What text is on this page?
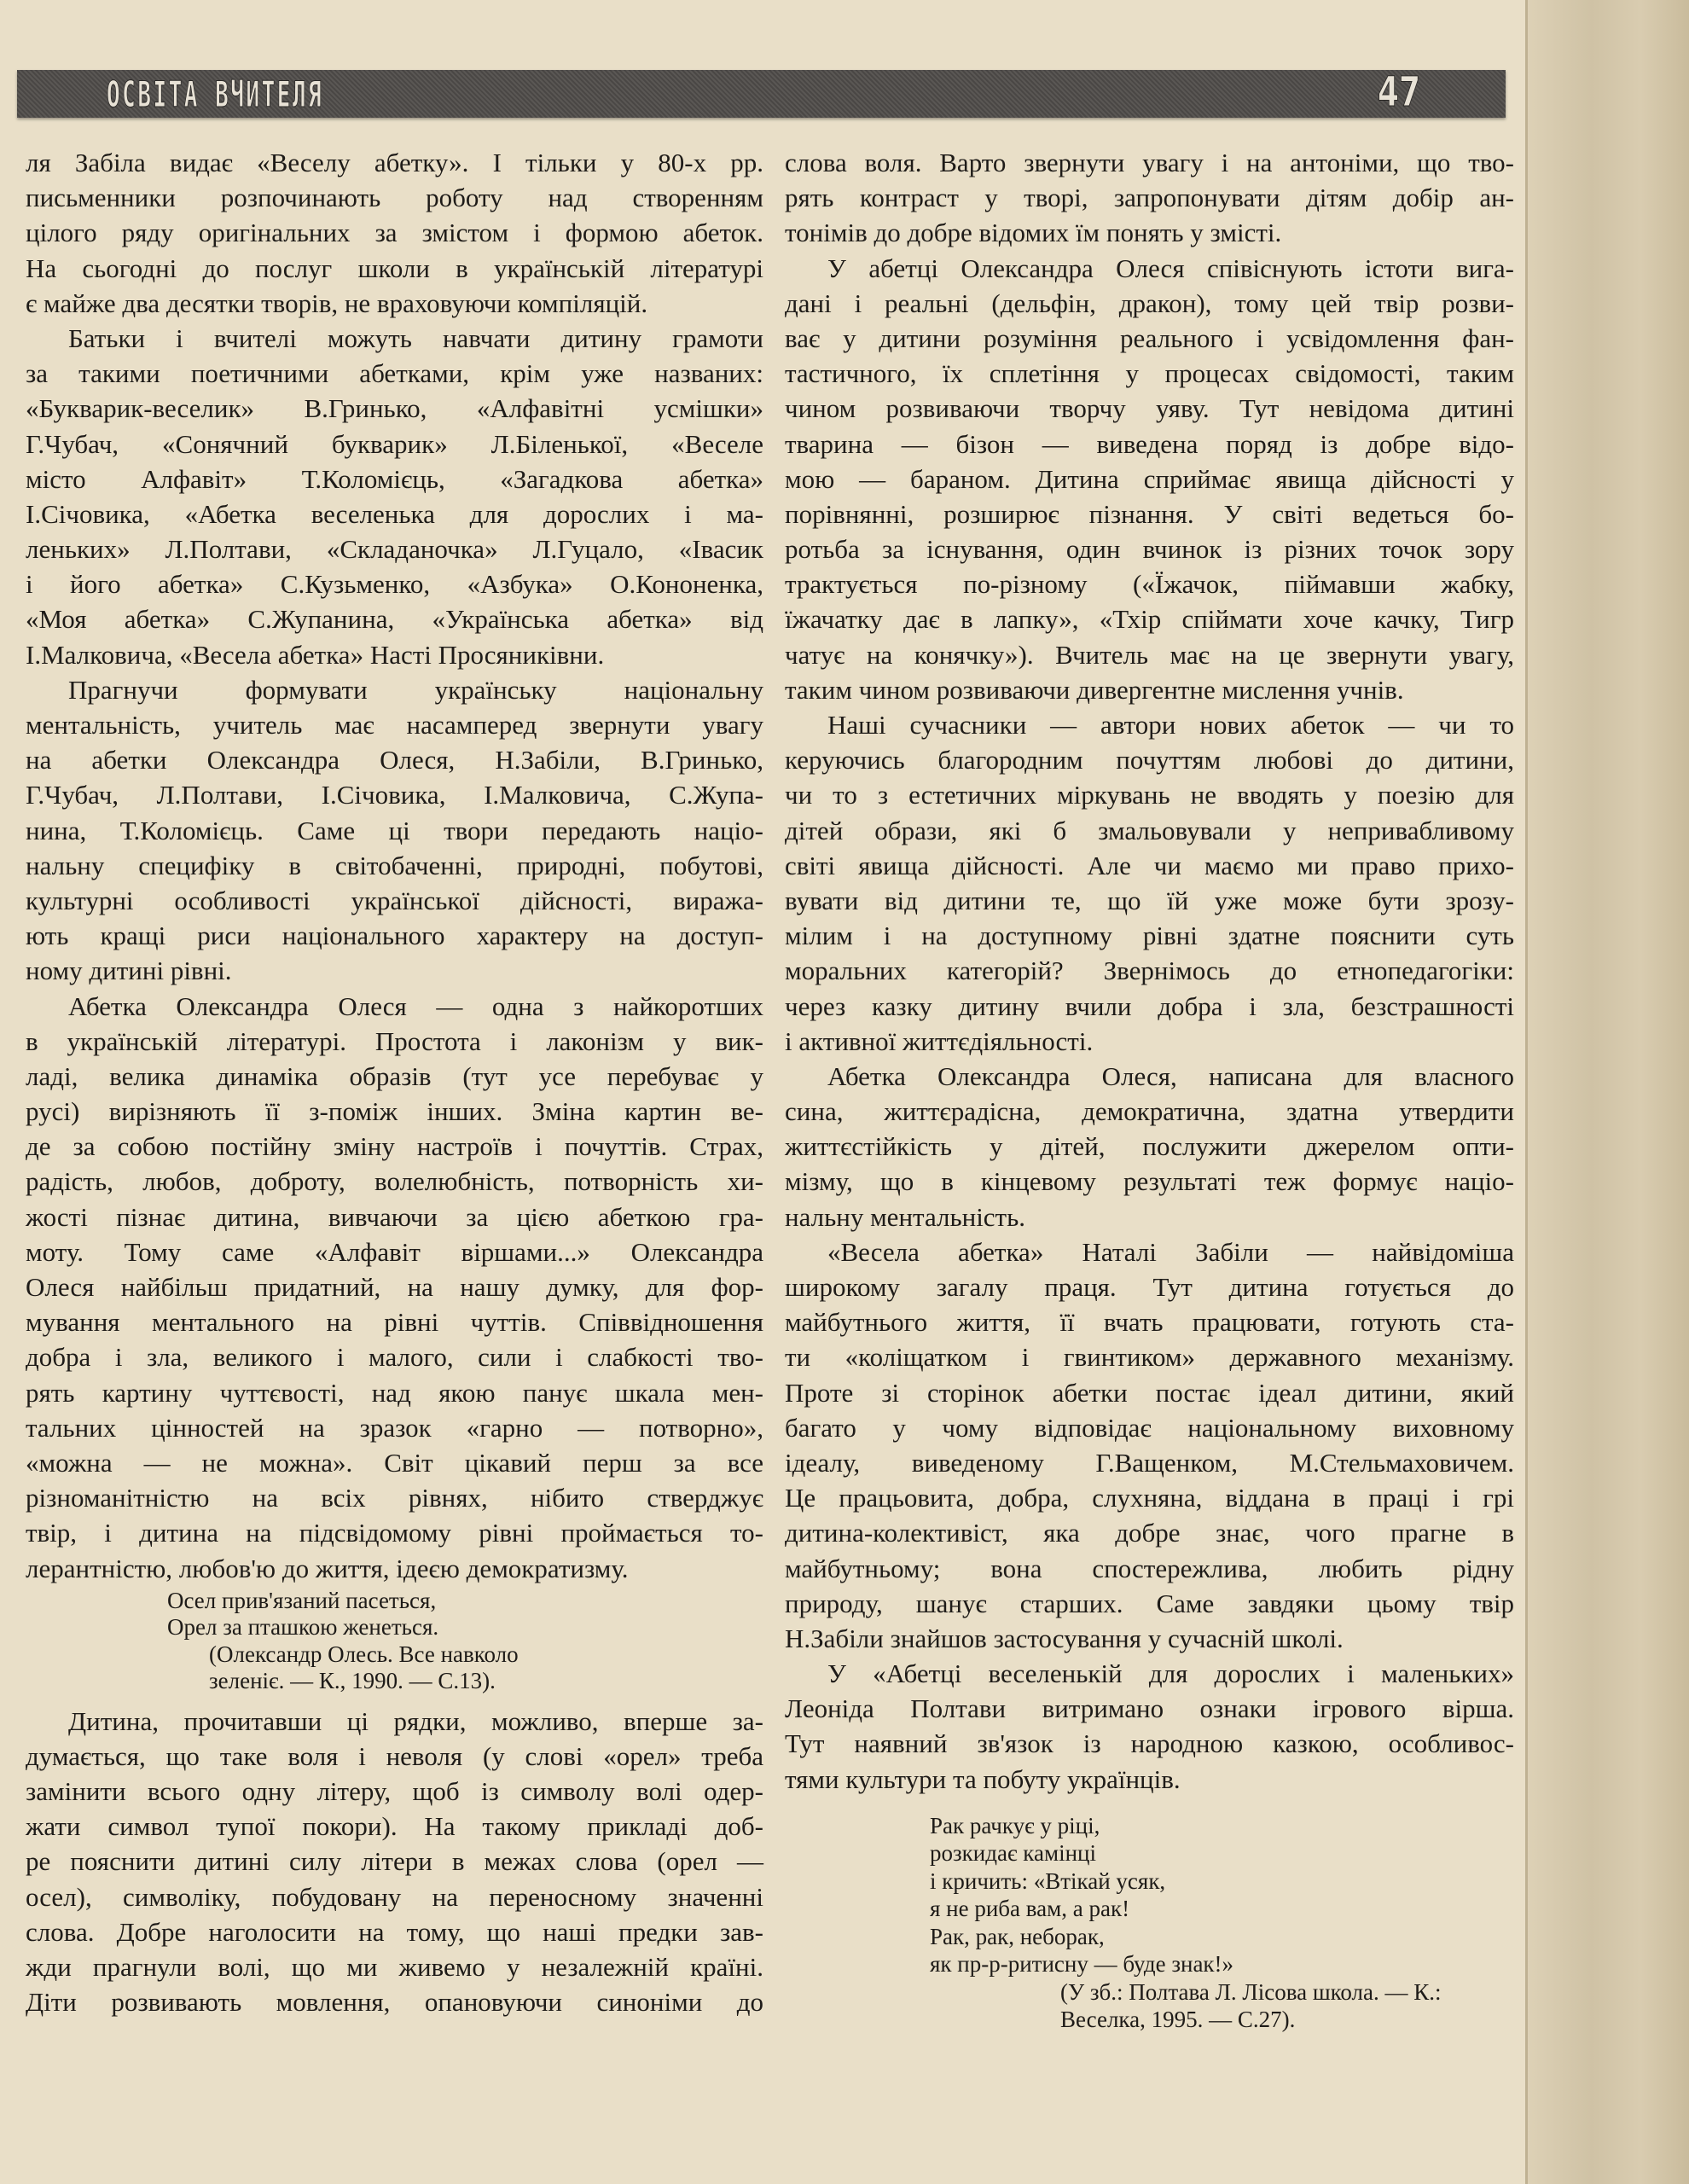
ОСВІТА ВЧИТЕЛЯ	47
ля Забіла видає «Веселу абетку». І тільки у 80-х рр.
письменники розпочинають роботу над створенням
цілого ряду оригінальних за змістом і формою абеток.
На сьогодні до послуг школи в українській літературі
є майже два десятки творів, не враховуючи компіляцій.
Батьки і вчителі можуть навчати дитину грамоти
за такими поетичними абетками, крім уже названих:
«Букварик-веселик» В.Гринько, «Алфавітні усмішки»
Г.Чубач, «Сонячний букварик» Л.Біленької, «Веселе
місто Алфавіт» Т.Коломієць, «Загадкова абетка»
І.Січовика, «Абетка веселенька для дорослих і ма-
леньких» Л.Полтави, «Складаночка» Л.Гуцало, «Івасик
і його абетка» С.Кузьменко, «Азбука» О.Кононенка,
«Моя абетка» С.Жупанина, «Українська абетка» від
І.Малковича, «Весела абетка» Насті Просяниківни.
Прагнучи формувати українську національну
ментальність, учитель має насамперед звернути увагу
на абетки Олександра Олеся, Н.Забіли, В.Гринько,
Г.Чубач, Л.Полтави, І.Січовика, І.Малковича, С.Жупа-
нина, Т.Коломієць. Саме ці твори передають націо-
нальну специфіку в світобаченні, природні, побутові,
культурні особливості української дійсності, виража-
ють кращі риси національного характеру на доступ-
ному дитині рівні.
Абетка Олександра Олеся — одна з найкоротших
в українській літературі. Простота і лаконізм у вик-
ладі, велика динаміка образів (тут усе перебуває у
русі) вирізняють її з-поміж інших. Зміна картин ве-
де за собою постійну зміну настроїв і почуттів. Страх,
радість, любов, доброту, волелюбність, потворність хи-
жості пізнає дитина, вивчаючи за цією абеткою гра-
моту. Тому саме «Алфавіт віршами...» Олександра
Олеся найбільш придатний, на нашу думку, для фор-
мування ментального на рівні чуттів. Співвідношення
добра і зла, великого і малого, сили і слабкості тво-
рять картину чуттєвості, над якою панує шкала мен-
тальних цінностей на зразок «гарно — потворно»,
«можна — не можна». Світ цікавий перш за все
різноманітністю на всіх рівнях, нібито стверджує
твір, і дитина на підсвідомому рівні проймається то-
лерантністю, любов'ю до життя, ідеєю демократизму.
Осел прив'язаний пасеться,
Орел за пташкою женеться.
(Олександр Олесь. Все навколо
зеленіє. — К., 1990. — С.13).
Дитина, прочитавши ці рядки, можливо, вперше за-
думається, що таке воля і неволя (у слові «орел» треба
замінити всього одну літеру, щоб із символу волі одер-
жати символ тупої покори). На такому прикладі доб-
ре пояснити дитині силу літери в межах слова (орел —
осел), символіку, побудовану на переносному значенні
слова. Добре наголосити на тому, що наші предки зав-
жди прагнули волі, що ми живемо у незалежній країні.
Діти розвивають мовлення, опановуючи синоніми до
слова воля. Варто звернути увагу і на антоніми, що тво-
рять контраст у творі, запропонувати дітям добір ан-
тонімів до добре відомих їм понять у змісті.
У абетці Олександра Олеся співіснують істоти вига-
дані і реальні (дельфін, дракон), тому цей твір розви-
ває у дитини розуміння реального і усвідомлення фан-
тастичного, їх сплетіння у процесах свідомості, таким
чином розвиваючи творчу уяву. Тут невідома дитині
тварина — бізон — виведена поряд із добре відо-
мою — бараном. Дитина сприймає явища дійсності у
порівнянні, розширює пізнання. У світі ведеться бо-
ротьба за існування, один вчинок із різних точок зору
трактується по-різному («Їжачок, піймавши жабку,
їжачатку дає в лапку», «Тхір спіймати хоче качку, Тигр
чатує на конячку»). Вчитель має на це звернути увагу,
таким чином розвиваючи дивергентне мислення учнів.
Наші сучасники — автори нових абеток — чи то
керуючись благородним почуттям любові до дитини,
чи то з естетичних міркувань не вводять у поезію для
дітей образи, які б змальовували у непривабливому
світі явища дійсності. Але чи маємо ми право прихо-
вувати від дитини те, що їй уже може бути зрозу-
мілим і на доступному рівні здатне пояснити суть
моральних категорій? Звернімось до етнопедагогіки:
через казку дитину вчили добра і зла, безстрашності
і активної життєдіяльності.
Абетка Олександра Олеся, написана для власного
сина, життєрадісна, демократична, здатна утвердити
життєстійкість у дітей, послужити джерелом опти-
мізму, що в кінцевому результаті теж формує націо-
нальну ментальність.
«Весела абетка» Наталі Забіли — найвідоміша
широкому загалу праця. Тут дитина готується до
майбутнього життя, її вчать працювати, готують ста-
ти «коліщатком і гвинтиком» державного механізму.
Проте зі сторінок абетки постає ідеал дитини, який
багато у чому відповідає національному виховному
ідеалу, виведеному Г.Ващенком, М.Стельмаховичем.
Це працьовита, добра, слухняна, віддана в праці і грі
дитина-колективіст, яка добре знає, чого прагне в
майбутньому; вона спостережлива, любить рідну
природу, шанує старших. Саме завдяки цьому твір
Н.Забіли знайшов застосування у сучасній школі.
У «Абетці веселенькій для дорослих і маленьких»
Леоніда Полтави витримано ознаки ігрового вірша.
Тут наявний зв'язок із народною казкою, особливос-
тями культури та побуту українців.
Рак рачкує у ріці,
розкидає камінці
і кричить: «Втікай усяк,
я не риба вам, а рак!
Рак, рак, неборак,
як пр-р-ритисну — буде знак!»
(У зб.: Полтава Л. Лісова школа. — К.:
Веселка, 1995. — С.27).
